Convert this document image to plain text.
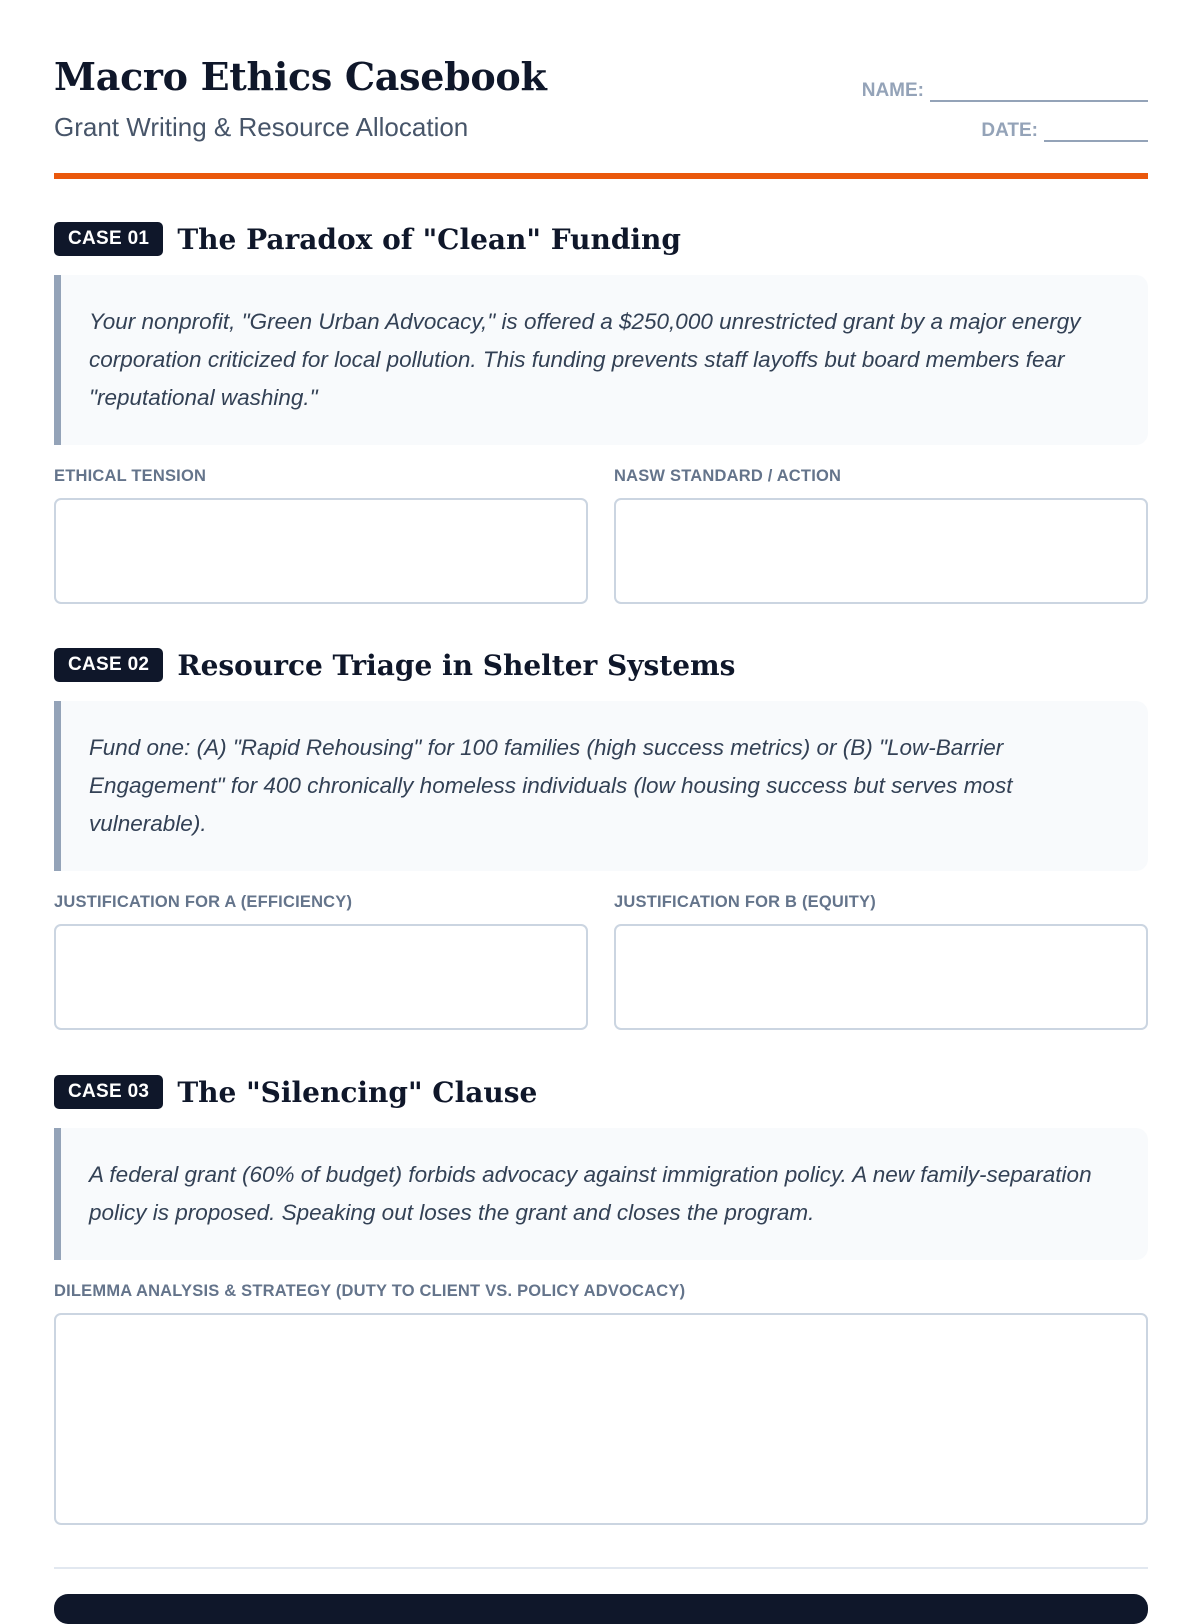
Macro Ethics Casebook
Grant Writing & Resource Allocation
NAME:
DATE:
CASE 01	The Paradox of "Clean" Funding
Your nonprofit, "Green Urban Advocacy," is offered a $250,000 unrestricted grant by a major energy corporation criticized for local pollution. This funding prevents staff layoffs but board members fear "reputational washing."
ETHICAL TENSION	NASW STANDARD / ACTION
CASE 02	Resource Triage in Shelter Systems
Fund one: (A) "Rapid Rehousing" for 100 families (high success metrics) or (B) "Low-Barrier Engagement" for 400 chronically homeless individuals (low housing success but serves most vulnerable).
JUSTIFICATION FOR A (EFFICIENCY)	JUSTIFICATION FOR B (EQUITY)
CASE 03	The "Silencing" Clause
A federal grant (60% of budget) forbids advocacy against immigration policy. A new family-separation policy is proposed. Speaking out loses the grant and closes the program.
DILEMMA ANALYSIS & STRATEGY (DUTY TO CLIENT VS. POLICY ADVOCACY)
